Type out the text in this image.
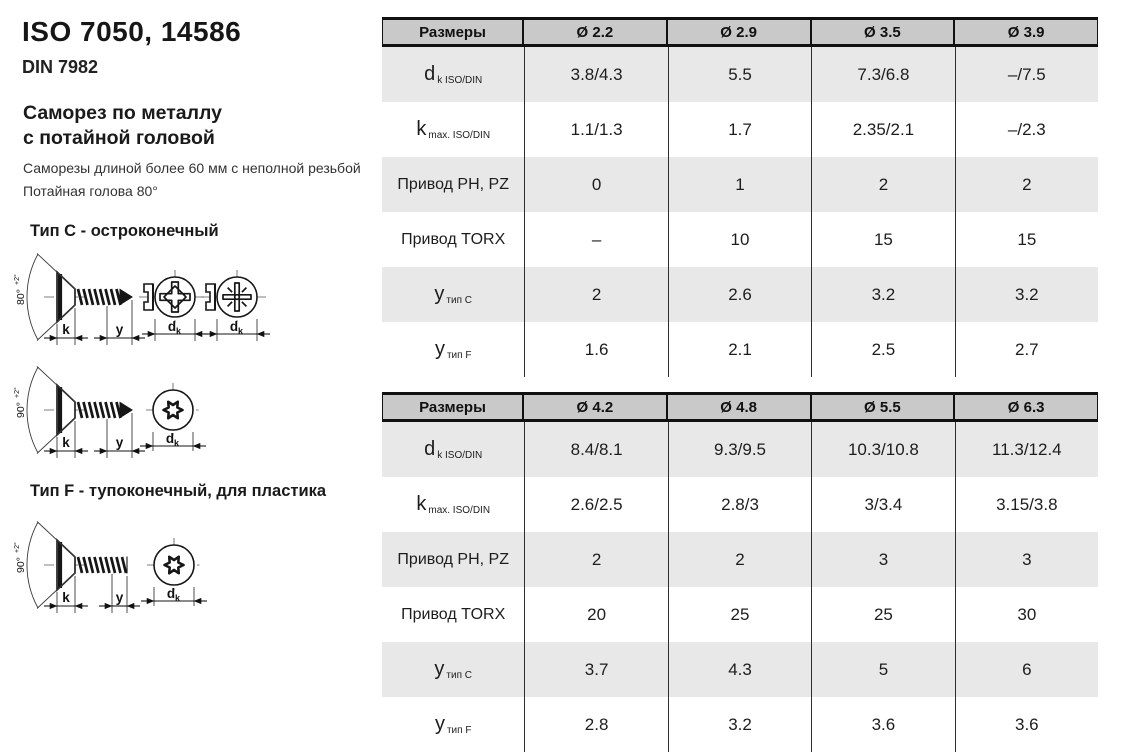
ISO 7050, 14586
DIN 7982
Саморез по металлу
с потайной головой
Саморезы длиной более 60 мм с неполной резьбой
Потайная голова 80°
Тип C - остроконечный
Тип F - тупоконечный, для пластика
80°
+2°
d k	d k
90°
+2°
k	y
90°
+2°
Размеры	Ø 2.2	Ø 2.9	Ø 3.5	Ø 3.9
d k ISO/DIN	3.8/4.3	5.5	7.3/6.8	–/7.5
k max. ISO/DIN	1.1/1.3	1.7	2.35/2.1	–/2.3
Привод PH, PZ	0	1	2	2
Привод TORX	–	10	15	15
y тип C	2	2.6	3.2	3.2
y тип F	1.6	2.1	2.5	2.7
Размеры	Ø 4.2	Ø 4.8	Ø 5.5	Ø 6.3
d k ISO/DIN	8.4/8.1	9.3/9.5	10.3/10.8	11.3/12.4
k max. ISO/DIN	2.6/2.5	2.8/3	3/3.4	3.15/3.8
Привод PH, PZ	2	2	3	3
Привод TORX	20	25	25	30
y тип C	3.7	4.3	5	6
y тип F	2.8	3.2	3.6	3.6
